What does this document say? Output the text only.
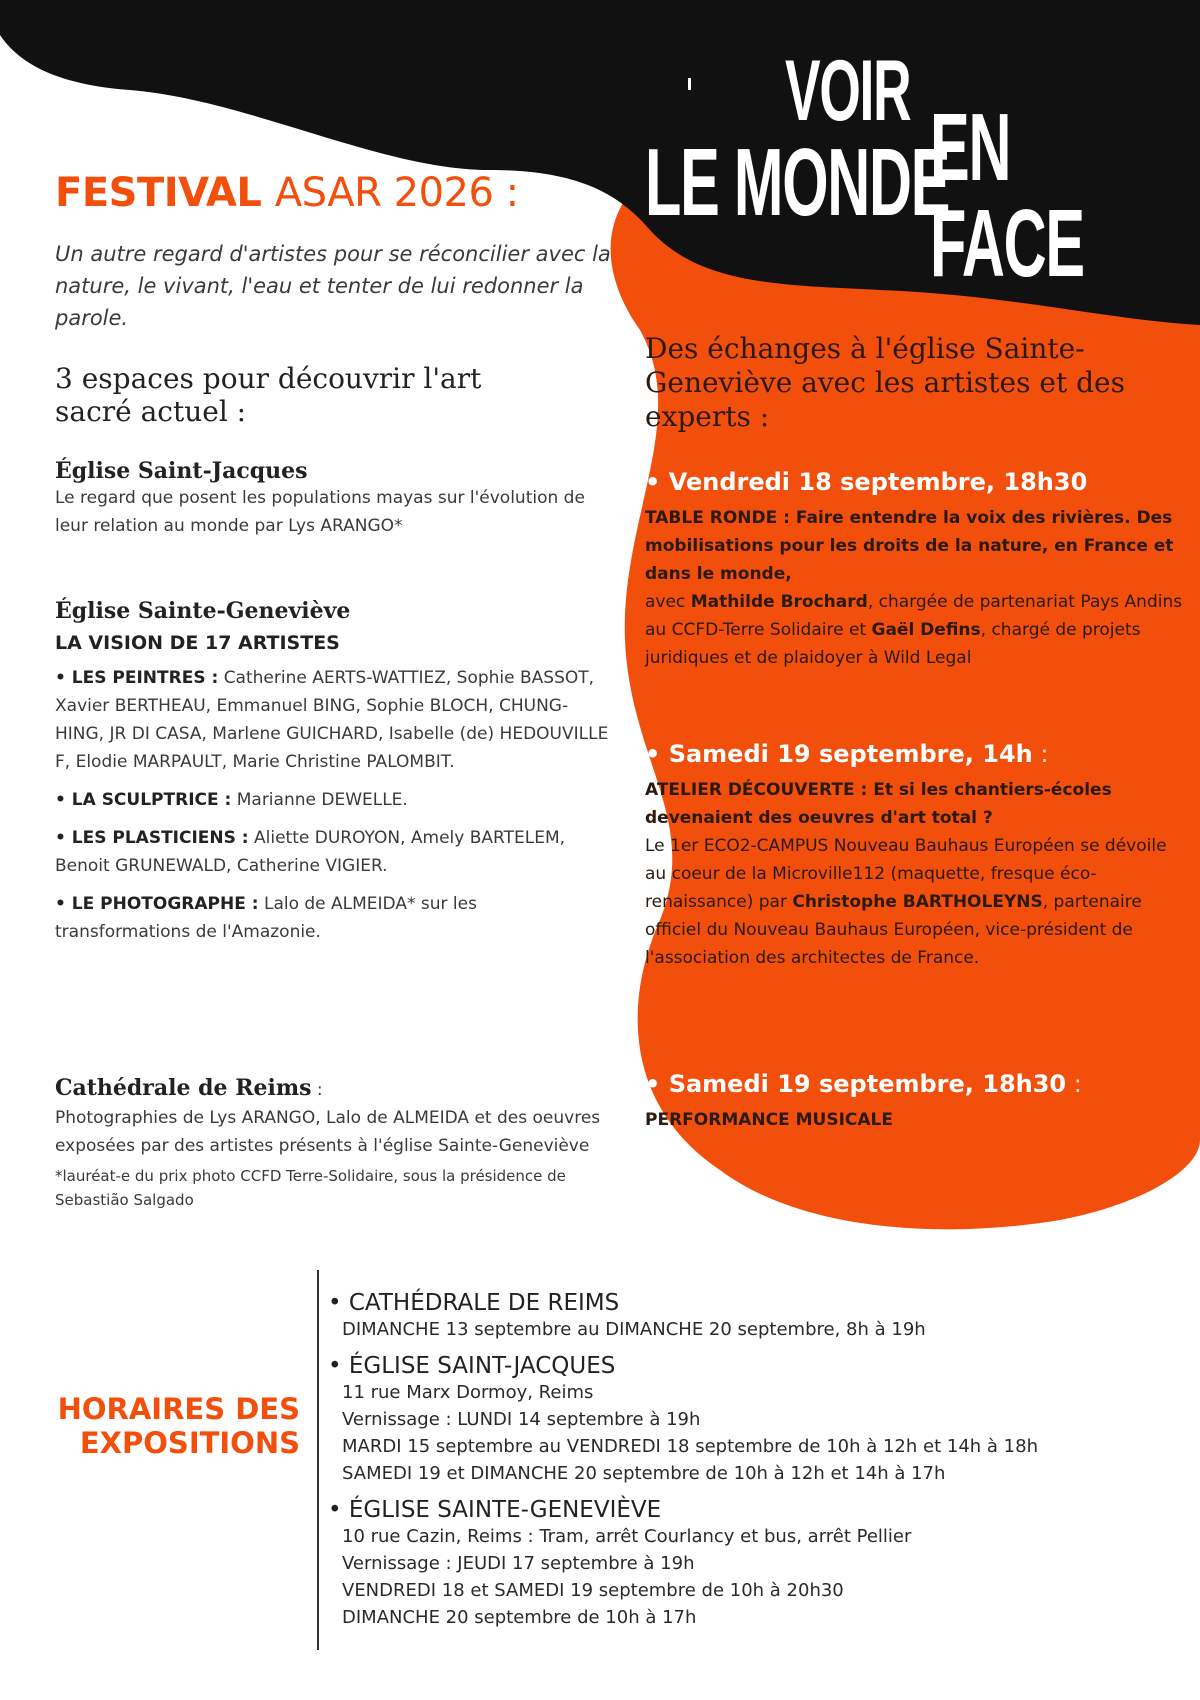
VOIR
LE MONDE
EN FACE
FESTIVAL ASAR 2026 :
Un autre regard d'artistes pour se réconcilier avec la nature, le vivant, l'eau et tenter de lui redonner la parole.
3 espaces pour découvrir l'art sacré actuel :
Église Saint-Jacques
Le regard que posent les populations mayas sur l'évolution de leur relation au monde par Lys ARANGO*
Église Sainte-Geneviève
LA VISION DE 17 ARTISTES
• LES PEINTRES : Catherine AERTS-WATTIEZ, Sophie BASSOT, Xavier BERTHEAU, Emmanuel BING, Sophie BLOCH, CHUNG-HING, JR DI CASA, Marlene GUICHARD, Isabelle (de) HEDOUVILLE F, Elodie MARPAULT, Marie Christine PALOMBIT.
• LA SCULPTRICE : Marianne DEWELLE.
• LES PLASTICIENS : Aliette DUROYON, Amely BARTELEM, Benoit GRUNEWALD, Catherine VIGIER.
• LE PHOTOGRAPHE : Lalo de ALMEIDA* sur les transformations de l'Amazonie.
Cathédrale de Reims :
Photographies de Lys ARANGO, Lalo de ALMEIDA et des oeuvres exposées par des artistes présents à l'église Sainte-Geneviève
*lauréat-e du prix photo CCFD Terre-Solidaire, sous la présidence de Sebastião Salgado
Des échanges à l'église Sainte-Geneviève avec les artistes et des experts :
• Vendredi 18 septembre, 18h30
TABLE RONDE : Faire entendre la voix des rivières. Des mobilisations pour les droits de la nature, en France et dans le monde,
avec Mathilde Brochard, chargée de partenariat Pays Andins au CCFD-Terre Solidaire et Gaël Defins, chargé de projets juridiques et de plaidoyer à Wild Legal
• Samedi 19 septembre, 14h :
ATELIER DÉCOUVERTE : Et si les chantiers-écoles devenaient des oeuvres d'art total ?
Le 1er ECO2-CAMPUS Nouveau Bauhaus Européen se dévoile au coeur de la Microville112 (maquette, fresque éco-renaissance) par Christophe BARTHOLEYNS, partenaire officiel du Nouveau Bauhaus Européen, vice-président de l'association des architectes de France.
• Samedi 19 septembre, 18h30 :
PERFORMANCE MUSICALE
HORAIRES DES EXPOSITIONS
• CATHÉDRALE DE REIMS
DIMANCHE 13 septembre au DIMANCHE 20 septembre, 8h à 19h
• ÉGLISE SAINT-JACQUES
11 rue Marx Dormoy, Reims
Vernissage : LUNDI 14 septembre à 19h
MARDI 15 septembre au VENDREDI 18 septembre de 10h à 12h et 14h à 18h
SAMEDI 19 et DIMANCHE 20 septembre de 10h à 12h et 14h à 17h
• ÉGLISE SAINTE-GENEVIÈVE
10 rue Cazin, Reims : Tram, arrêt Courlancy et bus, arrêt Pellier
Vernissage : JEUDI 17 septembre à 19h
VENDREDI 18 et SAMEDI 19 septembre de 10h à 20h30
DIMANCHE 20 septembre de 10h à 17h
